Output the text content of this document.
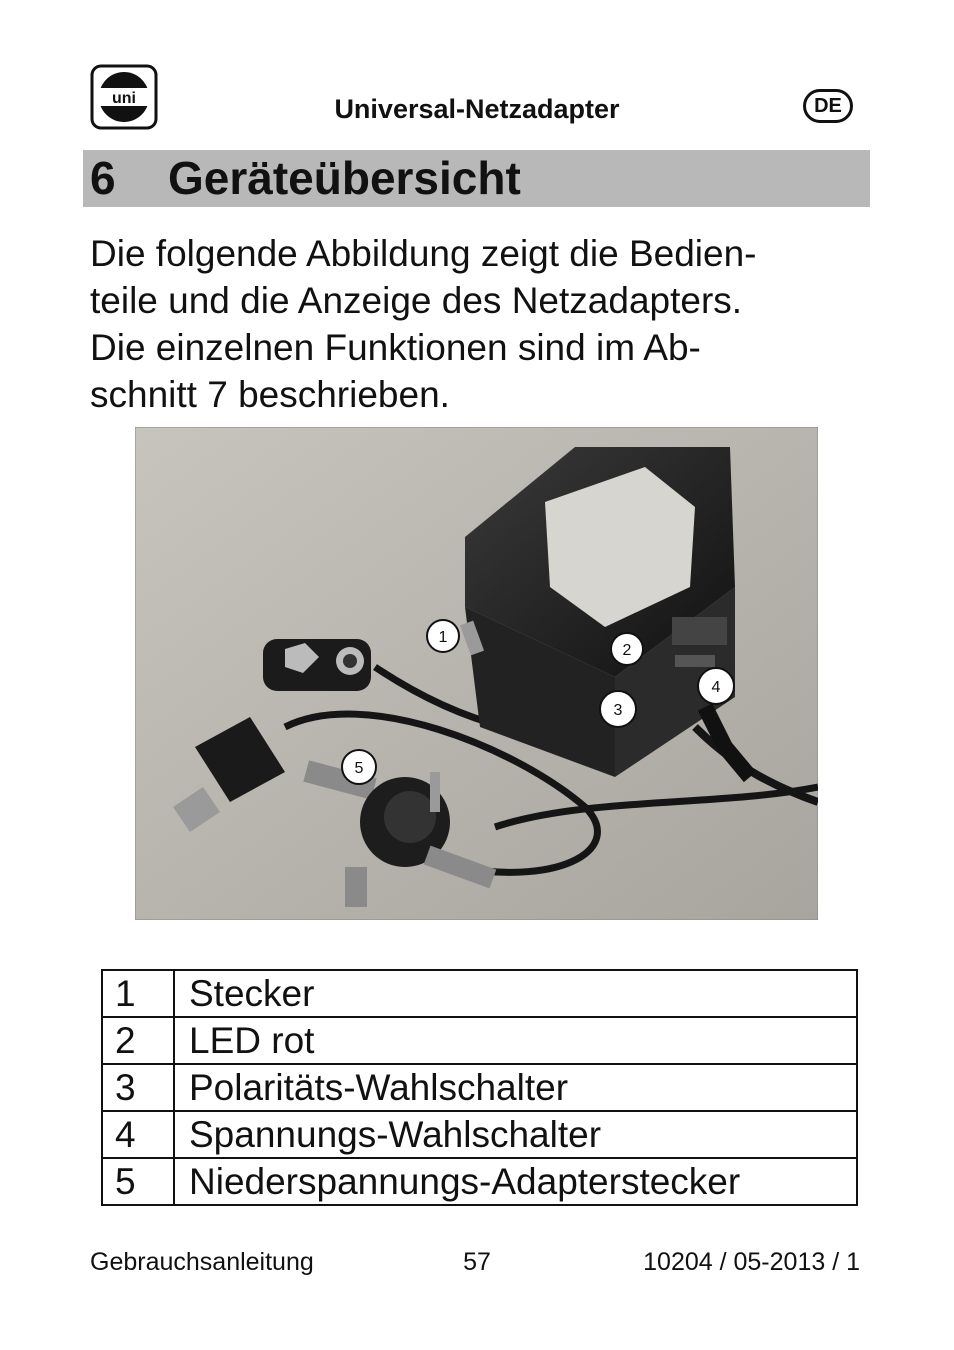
uni	Universal-Netzadapter	DE
6 Geräteübersicht
Die folgende Abbildung zeigt die Bedien-
teile und die Anzeige des Netzadapters.
Die einzelnen Funktionen sind im Ab-
schnitt 7 beschrieben.
1
2
3
4
5
1	Stecker
2	LED rot
3	Polaritäts-Wahlschalter
4	Spannungs-Wahlschalter
5	Niederspannungs-Adapterstecker
Gebrauchsanleitung	57	10204 / 05-2013 / 1
